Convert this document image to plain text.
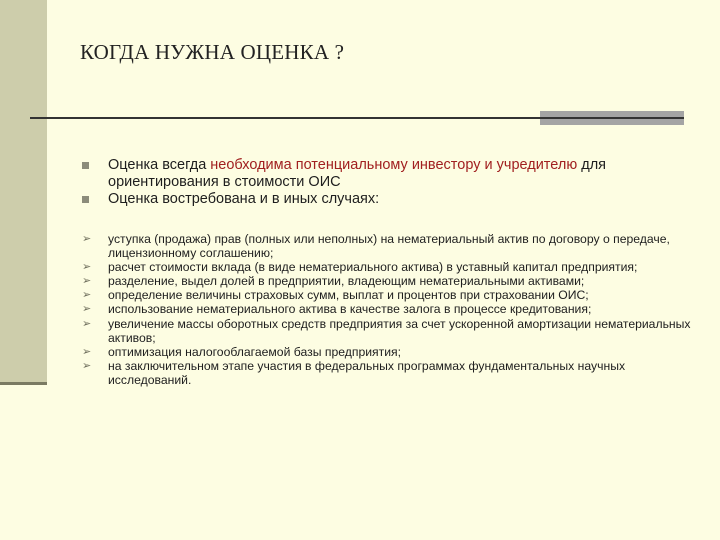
КОГДА НУЖНА ОЦЕНКА ?
Оценка всегда необходима потенциальному инвестору и учредителю для ориентирования в стоимости ОИС
Оценка востребована и в иных случаях:
➢ уступка (продажа) прав (полных или неполных) на нематериальный актив по договору о передаче, лицензионному соглашению;
➢ расчет стоимости вклада (в виде нематериального актива) в уставный капитал предприятия;
➢ разделение, выдел долей в предприятии, владеющим нематериальными активами;
➢ определение величины страховых сумм, выплат и процентов при страховании ОИС;
➢ использование нематериального актива в качестве залога в процессе кредитования;
➢ увеличение массы оборотных средств предприятия за счет ускоренной амортизации нематериальных активов;
➢ оптимизация налогооблагаемой базы предприятия;
➢ на заключительном этапе участия в федеральных программах фундаментальных научных исследований.
